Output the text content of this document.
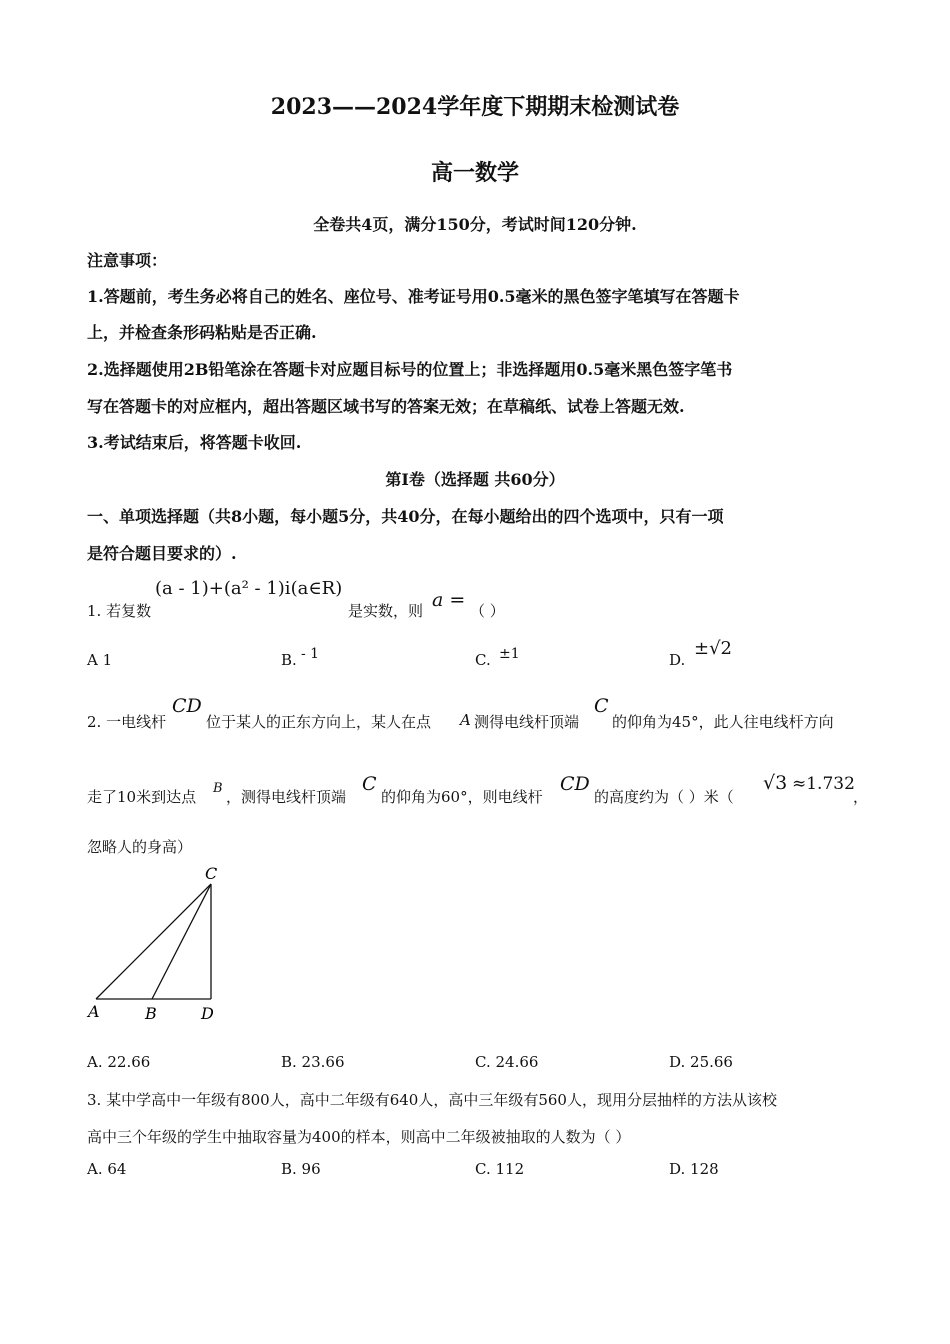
2023——2024学年度下期期末检测试卷
高一数学
全卷共4页，满分150分，考试时间120分钟.
注意事项：
1.答题前，考生务必将自己的姓名、座位号、准考证号用0.5毫米的黑色签字笔填写在答题卡
上，并检查条形码粘贴是否正确.
2.选择题使用2B铅笔涂在答题卡对应题目标号的位置上；非选择题用0.5毫米黑色签字笔书
写在答题卡的对应框内，超出答题区域书写的答案无效；在草稿纸、试卷上答题无效.
3.考试结束后，将答题卡收回.
第I卷（选择题 共60分）
一、单项选择题（共8小题，每小题5分，共40分，在每小题给出的四个选项中，只有一项
是符合题目要求的）.
1. 若复数
(a - 1)+(a² - 1)i(a∈R)
是实数，则 a = （ ）
A 1	B. - 1	C. ±1	D.
±√2
2. 一电线杆
CD
位于某人的正东方向上，某人在点 A 测得电线杆顶端
C
的仰角为45°，此人往电线杆方向
走了10米到达点 B ，测得电线杆顶端
C
的仰角为60°，则电线杆
CD
的高度约为（ ）米（
√3 ≈1.732
，
忽略人的身高）
C
A	B	D
A. 22.66	B. 23.66	C. 24.66	D. 25.66
3. 某中学高中一年级有800人，高中二年级有640人，高中三年级有560人，现用分层抽样的方法从该校
高中三个年级的学生中抽取容量为400的样本，则高中二年级被抽取的人数为（ ）
A. 64	B. 96	C. 112	D. 128
